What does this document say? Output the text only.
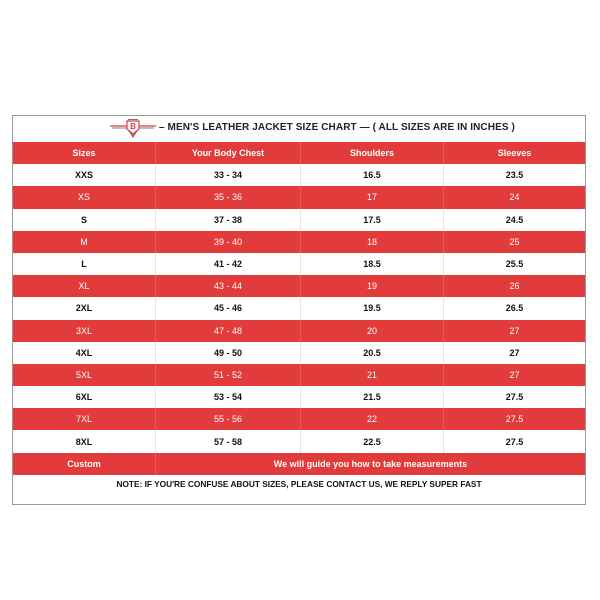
B – MEN'S LEATHER JACKET SIZE CHART — ( ALL SIZES ARE IN INCHES )
Sizes	Your Body Chest	Shoulders	Sleeves
XXS	33 - 34	16.5	23.5
XS	35 - 36	17	24
S	37 - 38	17.5	24.5
M	39 - 40	18	25
L	41 - 42	18.5	25.5
XL	43 - 44	19	26
2XL	45 - 46	19.5	26.5
3XL	47 - 48	20	27
4XL	49 - 50	20.5	27
5XL	51 - 52	21	27
6XL	53 - 54	21.5	27.5
7XL	55 - 56	22	27.5
8XL	57 - 58	22.5	27.5
Custom	We will guide you how to take measurements
NOTE: IF YOU'RE CONFUSE ABOUT SIZES, PLEASE CONTACT US, WE REPLY SUPER FAST
